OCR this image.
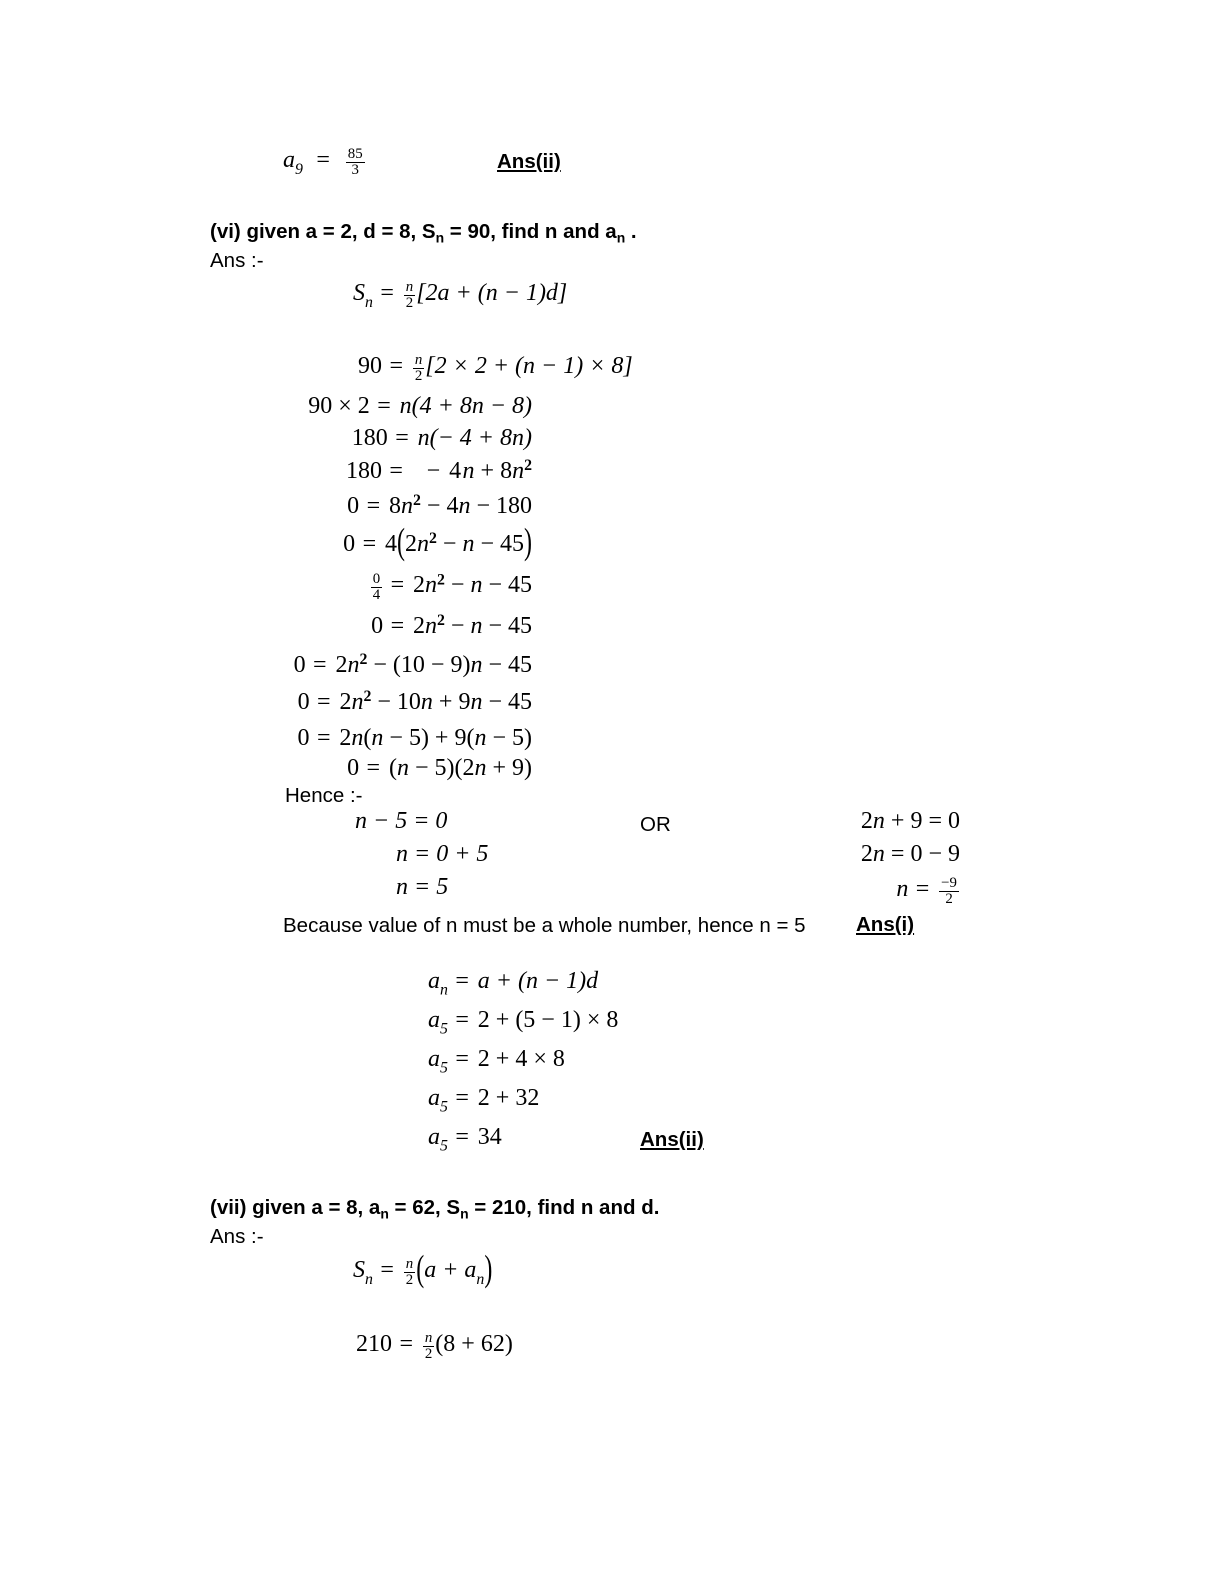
$a_9 = \frac{85}{3}$	Ans(ii)
(vi) given a = 2, d = 8, $S_n = 90$, find n and $a_n$ .
Ans :-
$S_n = \frac{n}{2} [2a + (n - 1)d]$
$90 = \frac{n}{2} [2 \times 2 + (n - 1) \times 8]$
90 × 2 = n(4 + 8n − 8)
180 = n(− 4 + 8n)
180 =   − $4n + 8n^2$
$0 = 8n^2 - 4n - 180$
$0 = 4(2n^2 - n - 45)$
$\frac{0}{4} = 2n^2 - n - 45$
$0 = 2n^2 - n - 45$
$0 = 2n^2 - (10 - 9)n - 45$
$0 = 2n^2 - 10n + 9n - 45$
0 = 2n(n − 5) + 9(n − 5)
0 = (n − 5)(2n + 9)
Hence :-
n − 5 = 0
n = 0 + 5
n = 5
OR	2n + 9 = 0
2n = 0 − 9
$n = \frac{-9}{2}$
Because value of n must be a whole number, hence n = 5 Ans(i)
$a_n = a + (n - 1)d$
$a_5 = 2 + (5 - 1) \times 8$
$a_5 = 2 + 4 \times 8$
$a_5 = 2 + 32$
$a_5 = 34$	Ans(ii)
(vii) given a = 8, $a_n = 62$, $S_n = 210$, find n and d.
Ans :-
$S_n = \frac{n}{2} (a + a_n)$
$210 = \frac{n}{2} (8 + 62)$
